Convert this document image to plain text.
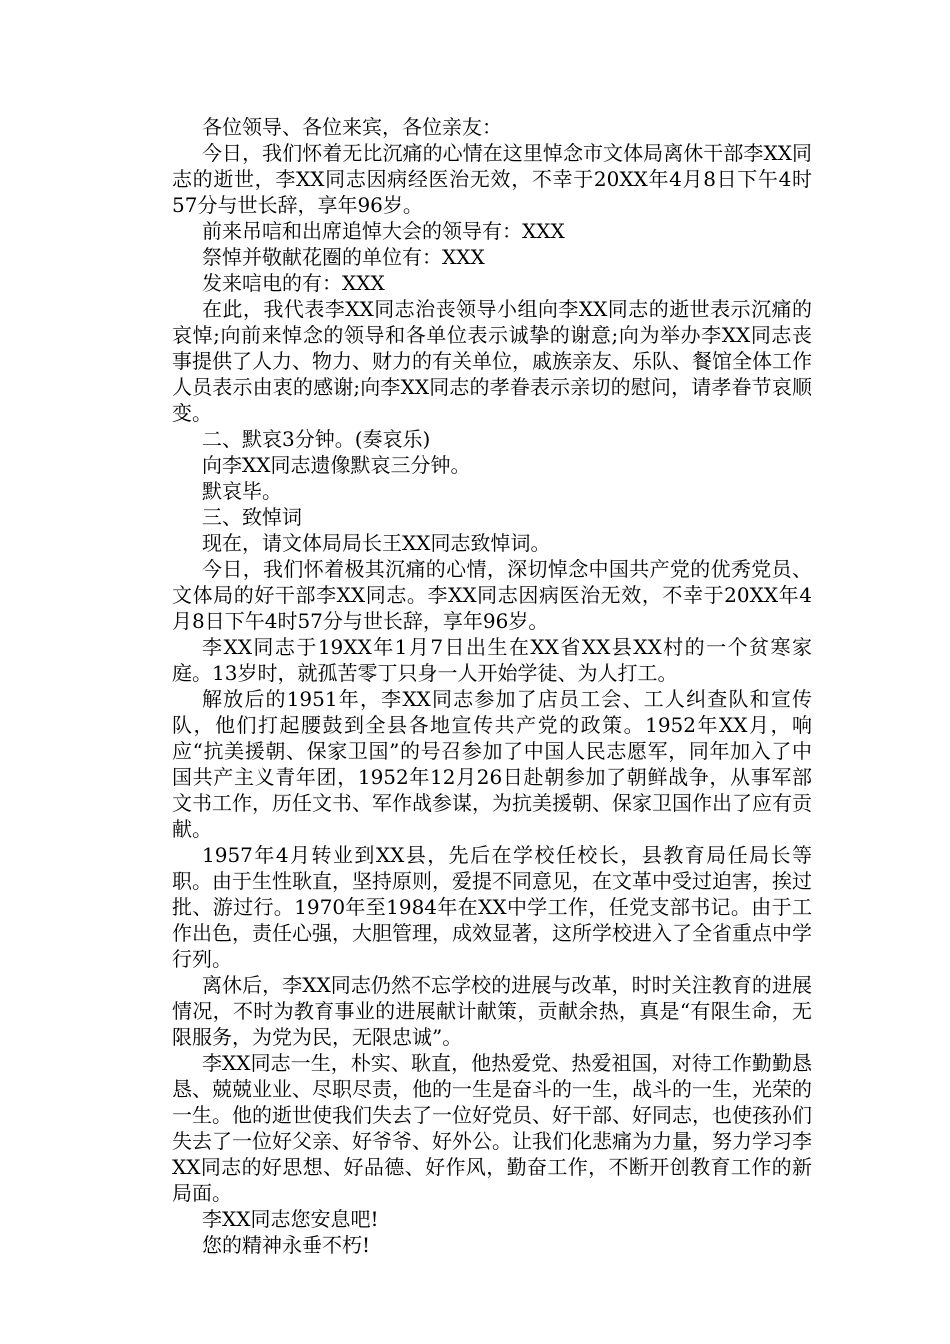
各位领导、各位来宾，各位亲友：

今日，我们怀着无比沉痛的心情在这里悼念市文体局离休干部李XX同志的逝世，李XX同志因病经医治无效，不幸于20XX年4月8日下午4时57分与世长辞，享年96岁。

前来吊唁和出席追悼大会的领导有：XXX

祭悼并敬献花圈的单位有：XXX

发来唁电的有：XXX

在此，我代表李XX同志治丧领导小组向李XX同志的逝世表示沉痛的哀悼;向前来悼念的领导和各单位表示诚挚的谢意;向为举办李XX同志丧事提供了人力、物力、财力的有关单位，戚族亲友、乐队、餐馆全体工作人员表示由衷的感谢;向李XX同志的孝眷表示亲切的慰问，请孝眷节哀顺变。

二、默哀3分钟。(奏哀乐)

向李XX同志遗像默哀三分钟。

默哀毕。

三、致悼词

现在，请文体局局长王XX同志致悼词。

今日，我们怀着极其沉痛的心情，深切悼念中国共产党的优秀党员、文体局的好干部李XX同志。李XX同志因病医治无效，不幸于20XX年4月8日下午4时57分与世长辞，享年96岁。

李XX同志于19XX年1月7日出生在XX省XX县XX村的一个贫寒家庭。13岁时，就孤苦零丁只身一人开始学徒、为人打工。

解放后的1951年，李XX同志参加了店员工会、工人纠查队和宣传队，他们打起腰鼓到全县各地宣传共产党的政策。1952年XX月，响应“抗美援朝、保家卫国”的号召参加了中国人民志愿军，同年加入了中国共产主义青年团，1952年12月26日赴朝参加了朝鲜战争，从事军部文书工作，历任文书、军作战参谋，为抗美援朝、保家卫国作出了应有贡献。

1957年4月转业到XX县，先后在学校任校长，县教育局任局长等职。由于生性耿直，坚持原则，爱提不同意见，在文革中受过迫害，挨过批、游过行。1970年至1984年在XX中学工作，任党支部书记。由于工作出色，责任心强，大胆管理，成效显著，这所学校进入了全省重点中学行列。

离休后，李XX同志仍然不忘学校的进展与改革，时时关注教育的进展情况，不时为教育事业的进展献计献策，贡献余热，真是“有限生命，无限服务，为党为民，无限忠诚”。

李XX同志一生，朴实、耿直，他热爱党、热爱祖国，对待工作勤勤恳恳、兢兢业业、尽职尽责，他的一生是奋斗的一生，战斗的一生，光荣的一生。他的逝世使我们失去了一位好党员、好干部、好同志，也使孩孙们失去了一位好父亲、好爷爷、好外公。让我们化悲痛为力量，努力学习李XX同志的好思想、好品德、好作风，勤奋工作，不断开创教育工作的新局面。

李XX同志您安息吧!

您的精神永垂不朽!
